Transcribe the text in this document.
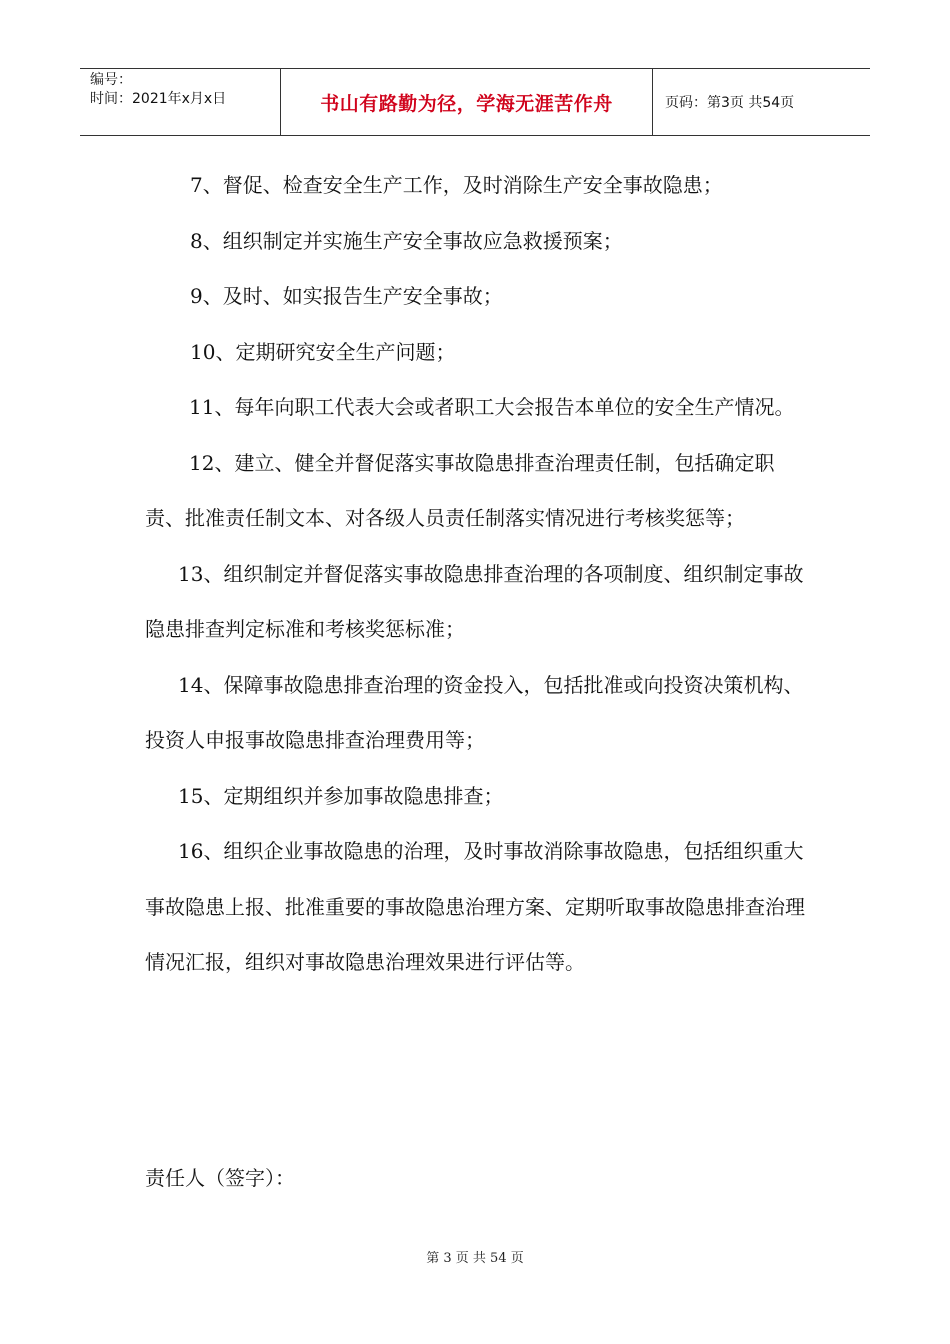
编号：
时间：2021年x月x日	书山有路勤为径，学海无涯苦作舟	页码：第3页 共54页

7、督促、检查安全生产工作，及时消除生产安全事故隐患；

8、组织制定并实施生产安全事故应急救援预案；

9、及时、如实报告生产安全事故；

10、定期研究安全生产问题；

11、每年向职工代表大会或者职工大会报告本单位的安全生产情况。

12、建立、健全并督促落实事故隐患排查治理责任制，包括确定职责、批准责任制文本、对各级人员责任制落实情况进行考核奖惩等；

13、组织制定并督促落实事故隐患排查治理的各项制度、组织制定事故隐患排查判定标准和考核奖惩标准；

14、保障事故隐患排查治理的资金投入，包括批准或向投资决策机构、投资人申报事故隐患排查治理费用等；

15、定期组织并参加事故隐患排查；

16、组织企业事故隐患的治理，及时事故消除事故隐患，包括组织重大事故隐患上报、批准重要的事故隐患治理方案、定期听取事故隐患排查治理情况汇报，组织对事故隐患治理效果进行评估等。

责任人（签字）：
第 3 页 共 54 页
